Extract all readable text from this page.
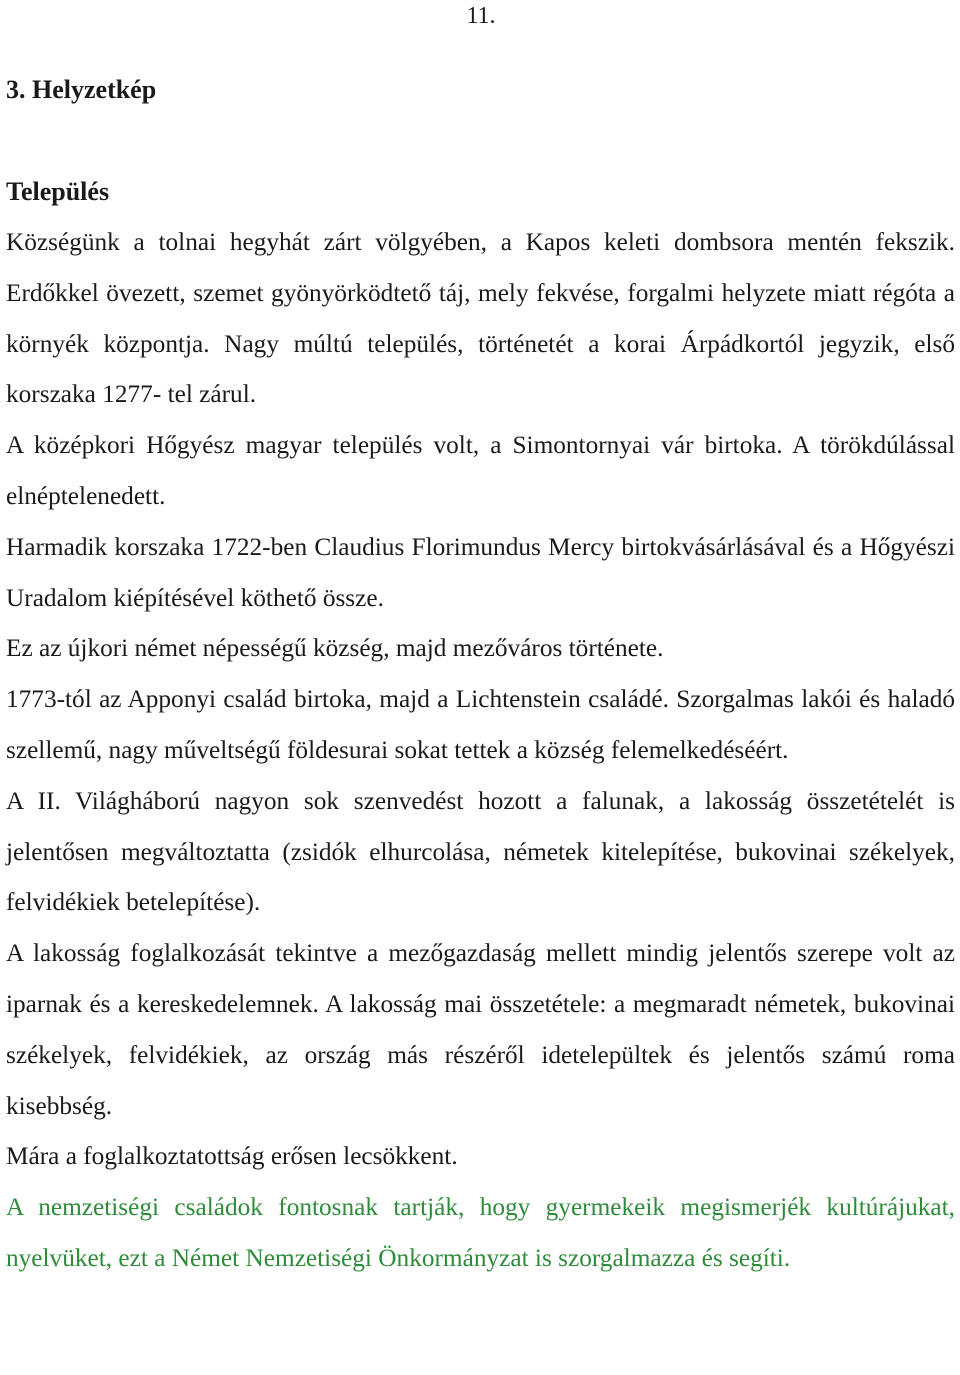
11.
3. Helyzetkép
Település

Községünk a tolnai hegyhát zárt völgyében, a Kapos keleti dombsora mentén fekszik. Erdőkkel övezett, szemet gyönyörködtető táj, mely fekvése, forgalmi helyzete miatt régóta a környék központja. Nagy múltú település, történetét a korai Árpádkortól jegyzik, első korszaka 1277- tel zárul.

A középkori Hőgyész magyar település volt, a Simontornyai vár birtoka. A törökdúlással elnéptelenedett.

Harmadik korszaka 1722-ben Claudius Florimundus Mercy birtokvásárlásával és a Hőgyészi Uradalom kiépítésével köthető össze.

Ez az újkori német népességű község, majd mezőváros története.

1773-tól az Apponyi család birtoka, majd a Lichtenstein családé. Szorgalmas lakói és haladó szellemű, nagy műveltségű földesurai sokat tettek a község felemelkedéséért.

A II. Világháború nagyon sok szenvedést hozott a falunak, a lakosság összetételét is jelentősen megváltoztatta (zsidók elhurcolása, németek kitelepítése, bukovinai székelyek, felvidékiek betelepítése).

A lakosság foglalkozását tekintve a mezőgazdaság mellett mindig jelentős szerepe volt az iparnak és a kereskedelemnek. A lakosság mai összetétele: a megmaradt németek, bukovinai székelyek, felvidékiek, az ország más részéről idetelepültek és jelentős számú roma kisebbség.

Mára a foglalkoztatottság erősen lecsökkent.

A nemzetiségi családok fontosnak tartják, hogy gyermekeik megismerjék kultúrájukat, nyelvüket, ezt a Német Nemzetiségi Önkormányzat is szorgalmazza és segíti.
